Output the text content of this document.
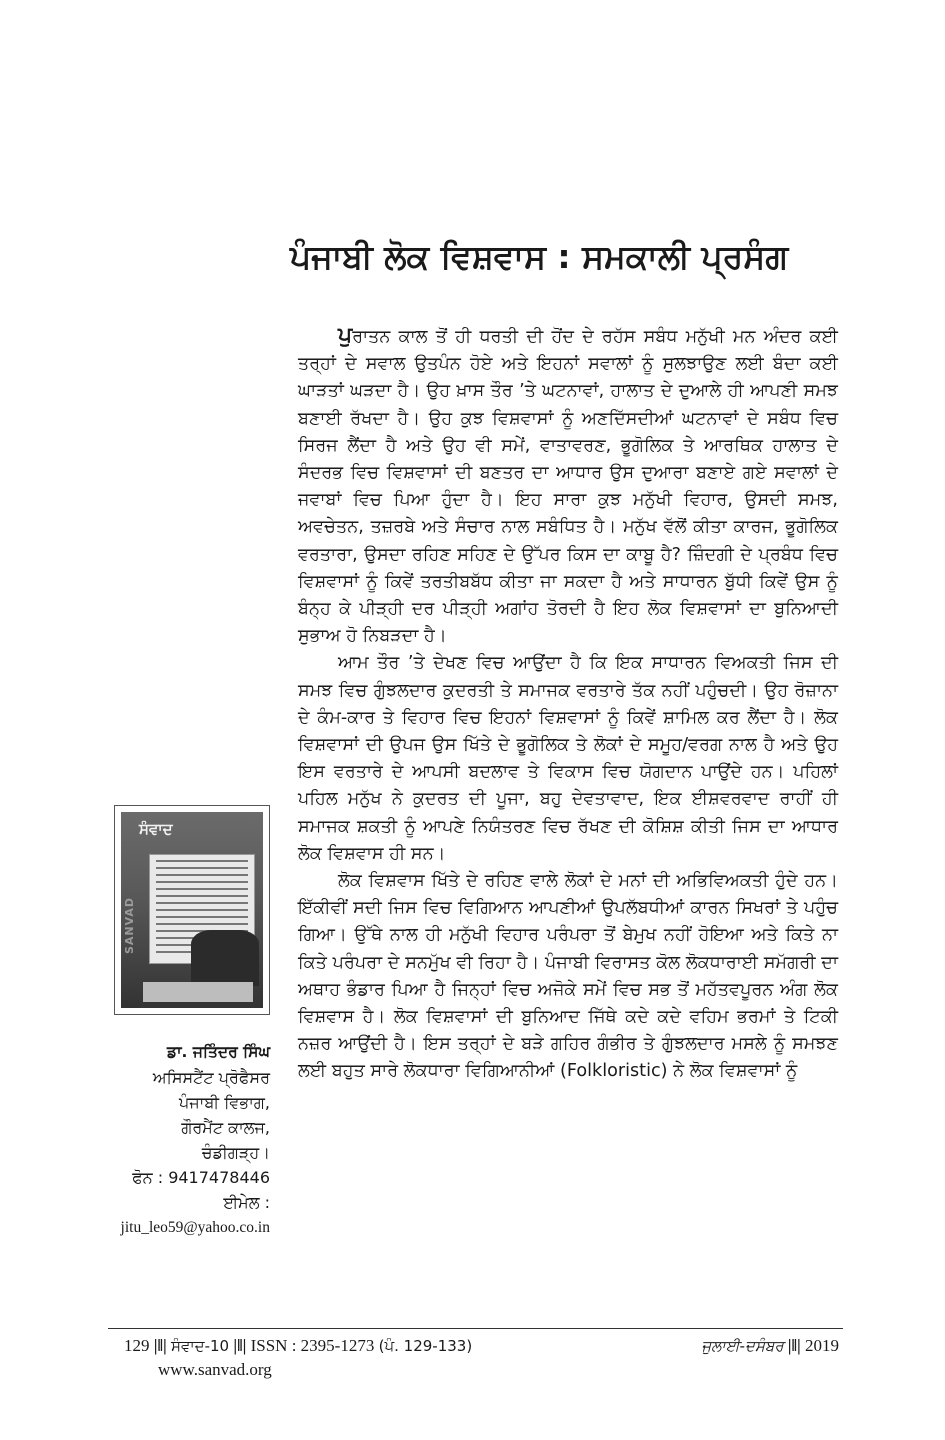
ਪੰਜਾਬੀ ਲੋਕ ਵਿਸ਼ਵਾਸ : ਸਮਕਾਲੀ ਪ੍ਰਸੰਗ

ਪੁਰਾਤਨ ਕਾਲ ਤੋਂ ਹੀ ਧਰਤੀ ਦੀ ਹੋਂਦ ਦੇ ਰਹੱਸ ਸਬੰਧ ਮਨੁੱਖੀ ਮਨ ਅੰਦਰ ਕਈ ਤਰ੍ਹਾਂ ਦੇ ਸਵਾਲ ਉਤਪੰਨ ਹੋਏ ਅਤੇ ਇਹਨਾਂ ਸਵਾਲਾਂ ਨੂੰ ਸੁਲਝਾਉਣ ਲਈ ਬੰਦਾ ਕਈ ਘਾੜਤਾਂ ਘੜਦਾ ਹੈ। ਉਹ ਖ਼ਾਸ ਤੌਰ ’ਤੇ ਘਟਨਾਵਾਂ, ਹਾਲਾਤ ਦੇ ਦੁਆਲੇ ਹੀ ਆਪਣੀ ਸਮਝ ਬਣਾਈ ਰੱਖਦਾ ਹੈ। ਉਹ ਕੁਝ ਵਿਸ਼ਵਾਸਾਂ ਨੂੰ ਅਣਦਿੱਸਦੀਆਂ ਘਟਨਾਵਾਂ ਦੇ ਸਬੰਧ ਵਿਚ ਸਿਰਜ ਲੈਂਦਾ ਹੈ ਅਤੇ ਉਹ ਵੀ ਸਮੇਂ, ਵਾਤਾਵਰਣ, ਭੂਗੋਲਿਕ ਤੇ ਆਰਥਿਕ ਹਾਲਾਤ ਦੇ ਸੰਦਰਭ ਵਿਚ ਵਿਸ਼ਵਾਸਾਂ ਦੀ ਬਣਤਰ ਦਾ ਆਧਾਰ ਉਸ ਦੁਆਰਾ ਬਣਾਏ ਗਏ ਸਵਾਲਾਂ ਦੇ ਜਵਾਬਾਂ ਵਿਚ ਪਿਆ ਹੁੰਦਾ ਹੈ। ਇਹ ਸਾਰਾ ਕੁਝ ਮਨੁੱਖੀ ਵਿਹਾਰ, ਉਸਦੀ ਸਮਝ, ਅਵਚੇਤਨ, ਤਜ਼ਰਬੇ ਅਤੇ ਸੰਚਾਰ ਨਾਲ ਸਬੰਧਿਤ ਹੈ। ਮਨੁੱਖ ਵੱਲੋਂ ਕੀਤਾ ਕਾਰਜ, ਭੂਗੋਲਿਕ ਵਰਤਾਰਾ, ਉਸਦਾ ਰਹਿਣ ਸਹਿਣ ਦੇ ਉੱਪਰ ਕਿਸ ਦਾ ਕਾਬੂ ਹੈ? ਜ਼ਿੰਦਗੀ ਦੇ ਪ੍ਰਬੰਧ ਵਿਚ ਵਿਸ਼ਵਾਸਾਂ ਨੂੰ ਕਿਵੇਂ ਤਰਤੀਬਬੱਧ ਕੀਤਾ ਜਾ ਸਕਦਾ ਹੈ ਅਤੇ ਸਾਧਾਰਨ ਬੁੱਧੀ ਕਿਵੇਂ ਉਸ ਨੂੰ ਬੰਨ੍ਹ ਕੇ ਪੀੜ੍ਹੀ ਦਰ ਪੀੜ੍ਹੀ ਅਗਾਂਹ ਤੋਰਦੀ ਹੈ ਇਹ ਲੋਕ ਵਿਸ਼ਵਾਸਾਂ ਦਾ ਬੁਨਿਆਦੀ ਸੁਭਾਅ ਹੋ ਨਿਬੜਦਾ ਹੈ।

ਆਮ ਤੌਰ ’ਤੇ ਦੇਖਣ ਵਿਚ ਆਉਂਦਾ ਹੈ ਕਿ ਇਕ ਸਾਧਾਰਨ ਵਿਅਕਤੀ ਜਿਸ ਦੀ ਸਮਝ ਵਿਚ ਗੁੰਝਲਦਾਰ ਕੁਦਰਤੀ ਤੇ ਸਮਾਜਕ ਵਰਤਾਰੇ ਤੱਕ ਨਹੀਂ ਪਹੁੰਚਦੀ। ਉਹ ਰੋਜ਼ਾਨਾ ਦੇ ਕੰਮ-ਕਾਰ ਤੇ ਵਿਹਾਰ ਵਿਚ ਇਹਨਾਂ ਵਿਸ਼ਵਾਸਾਂ ਨੂੰ ਕਿਵੇਂ ਸ਼ਾਮਿਲ ਕਰ ਲੈਂਦਾ ਹੈ। ਲੋਕ ਵਿਸ਼ਵਾਸਾਂ ਦੀ ਉਪਜ ਉਸ ਖਿੱਤੇ ਦੇ ਭੂਗੋਲਿਕ ਤੇ ਲੋਕਾਂ ਦੇ ਸਮੂਹ/ਵਰਗ ਨਾਲ ਹੈ ਅਤੇ ਉਹ ਇਸ ਵਰਤਾਰੇ ਦੇ ਆਪਸੀ ਬਦਲਾਵ ਤੇ ਵਿਕਾਸ ਵਿਚ ਯੋਗਦਾਨ ਪਾਉਂਦੇ ਹਨ। ਪਹਿਲਾਂ ਪਹਿਲ ਮਨੁੱਖ ਨੇ ਕੁਦਰਤ ਦੀ ਪੂਜਾ, ਬਹੁ ਦੇਵਤਾਵਾਦ, ਇਕ ਈਸ਼ਵਰਵਾਦ ਰਾਹੀਂ ਹੀ ਸਮਾਜਕ ਸ਼ਕਤੀ ਨੂੰ ਆਪਣੇ ਨਿਯੰਤਰਣ ਵਿਚ ਰੱਖਣ ਦੀ ਕੋਸ਼ਿਸ਼ ਕੀਤੀ ਜਿਸ ਦਾ ਆਧਾਰ ਲੋਕ ਵਿਸ਼ਵਾਸ ਹੀ ਸਨ।

ਲੋਕ ਵਿਸ਼ਵਾਸ ਖਿੱਤੇ ਦੇ ਰਹਿਣ ਵਾਲੇ ਲੋਕਾਂ ਦੇ ਮਨਾਂ ਦੀ ਅਭਿਵਿਅਕਤੀ ਹੁੰਦੇ ਹਨ। ਇੱਕੀਵੀਂ ਸਦੀ ਜਿਸ ਵਿਚ ਵਿਗਿਆਨ ਆਪਣੀਆਂ ਉਪਲੱਬਧੀਆਂ ਕਾਰਨ ਸਿਖਰਾਂ ਤੇ ਪਹੁੰਚ ਗਿਆ। ਉੱਥੇ ਨਾਲ ਹੀ ਮਨੁੱਖੀ ਵਿਹਾਰ ਪਰੰਪਰਾ ਤੋਂ ਬੇਮੁਖ ਨਹੀਂ ਹੋਇਆ ਅਤੇ ਕਿਤੇ ਨਾ ਕਿਤੇ ਪਰੰਪਰਾ ਦੇ ਸਨਮੁੱਖ ਵੀ ਰਿਹਾ ਹੈ। ਪੰਜਾਬੀ ਵਿਰਾਸਤ ਕੋਲ ਲੋਕਧਾਰਾਈ ਸਮੱਗਰੀ ਦਾ ਅਥਾਹ ਭੰਡਾਰ ਪਿਆ ਹੈ ਜਿਨ੍ਹਾਂ ਵਿਚ ਅਜੋਕੇ ਸਮੇਂ ਵਿਚ ਸਭ ਤੋਂ ਮਹੱਤਵਪੂਰਨ ਅੰਗ ਲੋਕ ਵਿਸ਼ਵਾਸ ਹੈ। ਲੋਕ ਵਿਸ਼ਵਾਸਾਂ ਦੀ ਬੁਨਿਆਦ ਜਿੱਥੇ ਕਦੇ ਕਦੇ ਵਹਿਮ ਭਰਮਾਂ ਤੇ ਟਿਕੀ ਨਜ਼ਰ ਆਉਂਦੀ ਹੈ। ਇਸ ਤਰ੍ਹਾਂ ਦੇ ਬੜੇ ਗਹਿਰ ਗੰਭੀਰ ਤੇ ਗੁੰਝਲਦਾਰ ਮਸਲੇ ਨੂੰ ਸਮਝਣ ਲਈ ਬਹੁਤ ਸਾਰੇ ਲੋਕਧਾਰਾ ਵਿਗਿਆਨੀਆਂ (Folkloristic) ਨੇ ਲੋਕ ਵਿਸ਼ਵਾਸਾਂ ਨੂੰ

SANVAD
ਸੰਵਾਦ
ਡਾ. ਜਤਿੰਦਰ ਸਿੰਘ
ਅਸਿਸਟੈਂਟ ਪ੍ਰੋਫੈਸਰ
ਪੰਜਾਬੀ ਵਿਭਾਗ,
ਗੌਰਮੈਂਟ ਕਾਲਜ,
ਚੰਡੀਗੜ੍ਹ।
ਫੋਨ : 9417478446
ਈਮੇਲ :
jitu_leo59@yahoo.co.in
129 |‖| ਸੰਵਾਦ-10 |‖| ISSN : 2395-1273 (ਪੰ. 129-133)	ਜੁਲਾਈ-ਦਸੰਬਰ |‖| 2019
www.sanvad.org
